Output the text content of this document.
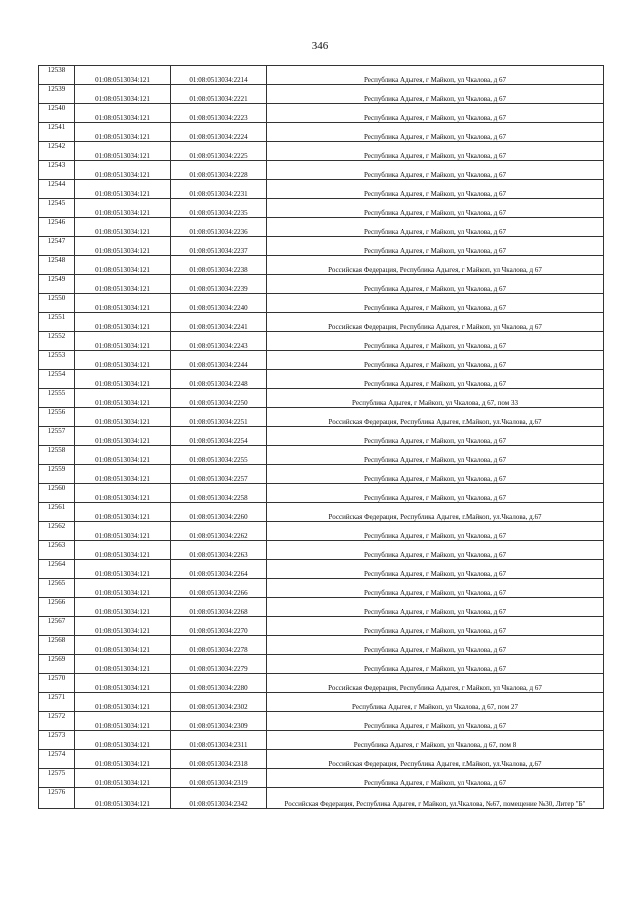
346
12538	01:08:0513034:121	01:08:0513034:2214	Республика Адыгея, г Майкоп, ул Чкалова, д 67
12539	01:08:0513034:121	01:08:0513034:2221	Республика Адыгея, г Майкоп, ул Чкалова, д 67
12540	01:08:0513034:121	01:08:0513034:2223	Республика Адыгея, г Майкоп, ул Чкалова, д 67
12541	01:08:0513034:121	01:08:0513034:2224	Республика Адыгея, г Майкоп, ул Чкалова, д 67
12542	01:08:0513034:121	01:08:0513034:2225	Республика Адыгея, г Майкоп, ул Чкалова, д 67
12543	01:08:0513034:121	01:08:0513034:2228	Республика Адыгея, г Майкоп, ул Чкалова, д 67
12544	01:08:0513034:121	01:08:0513034:2231	Республика Адыгея, г Майкоп, ул Чкалова, д 67
12545	01:08:0513034:121	01:08:0513034:2235	Республика Адыгея, г Майкоп, ул Чкалова, д 67
12546	01:08:0513034:121	01:08:0513034:2236	Республика Адыгея, г Майкоп, ул Чкалова, д 67
12547	01:08:0513034:121	01:08:0513034:2237	Республика Адыгея, г Майкоп, ул Чкалова, д 67
12548	01:08:0513034:121	01:08:0513034:2238	Российская Федерация, Республика Адыгея, г Майкоп, ул Чкалова, д 67
12549	01:08:0513034:121	01:08:0513034:2239	Республика Адыгея, г Майкоп, ул Чкалова, д 67
12550	01:08:0513034:121	01:08:0513034:2240	Республика Адыгея, г Майкоп, ул Чкалова, д 67
12551	01:08:0513034:121	01:08:0513034:2241	Российская Федерация, Республика Адыгея, г Майкоп, ул Чкалова, д 67
12552	01:08:0513034:121	01:08:0513034:2243	Республика Адыгея, г Майкоп, ул Чкалова, д 67
12553	01:08:0513034:121	01:08:0513034:2244	Республика Адыгея, г Майкоп, ул Чкалова, д 67
12554	01:08:0513034:121	01:08:0513034:2248	Республика Адыгея, г Майкоп, ул Чкалова, д 67
12555	01:08:0513034:121	01:08:0513034:2250	Республика Адыгея, г Майкоп, ул Чкалова, д 67, пом 33
12556	01:08:0513034:121	01:08:0513034:2251	Российская Федерация, Республика Адыгея, г.Майкоп, ул.Чкалова, д.67
12557	01:08:0513034:121	01:08:0513034:2254	Республика Адыгея, г Майкоп, ул Чкалова, д 67
12558	01:08:0513034:121	01:08:0513034:2255	Республика Адыгея, г Майкоп, ул Чкалова, д 67
12559	01:08:0513034:121	01:08:0513034:2257	Республика Адыгея, г Майкоп, ул Чкалова, д 67
12560	01:08:0513034:121	01:08:0513034:2258	Республика Адыгея, г Майкоп, ул Чкалова, д 67
12561	01:08:0513034:121	01:08:0513034:2260	Российская Федерация, Республика Адыгея, г.Майкоп, ул.Чкалова, д.67
12562	01:08:0513034:121	01:08:0513034:2262	Республика Адыгея, г Майкоп, ул Чкалова, д 67
12563	01:08:0513034:121	01:08:0513034:2263	Республика Адыгея, г Майкоп, ул Чкалова, д 67
12564	01:08:0513034:121	01:08:0513034:2264	Республика Адыгея, г Майкоп, ул Чкалова, д 67
12565	01:08:0513034:121	01:08:0513034:2266	Республика Адыгея, г Майкоп, ул Чкалова, д 67
12566	01:08:0513034:121	01:08:0513034:2268	Республика Адыгея, г Майкоп, ул Чкалова, д 67
12567	01:08:0513034:121	01:08:0513034:2270	Республика Адыгея, г Майкоп, ул Чкалова, д 67
12568	01:08:0513034:121	01:08:0513034:2278	Республика Адыгея, г Майкоп, ул Чкалова, д 67
12569	01:08:0513034:121	01:08:0513034:2279	Республика Адыгея, г Майкоп, ул Чкалова, д 67
12570	01:08:0513034:121	01:08:0513034:2280	Российская Федерация, Республика Адыгея, г Майкоп, ул Чкалова, д 67
12571	01:08:0513034:121	01:08:0513034:2302	Республика Адыгея, г Майкоп, ул Чкалова, д 67, пом 27
12572	01:08:0513034:121	01:08:0513034:2309	Республика Адыгея, г Майкоп, ул Чкалова, д 67
12573	01:08:0513034:121	01:08:0513034:2311	Республика Адыгея, г Майкоп, ул Чкалова, д 67, пом 8
12574	01:08:0513034:121	01:08:0513034:2318	Российская Федерация, Республика Адыгея, г.Майкоп, ул.Чкалова, д.67
12575	01:08:0513034:121	01:08:0513034:2319	Республика Адыгея, г Майкоп, ул Чкалова, д 67
12576	01:08:0513034:121	01:08:0513034:2342	Российская Федерация, Республика Адыгея, г Майкоп, ул.Чкалова, №67, помещение №30, Литер "Б"
